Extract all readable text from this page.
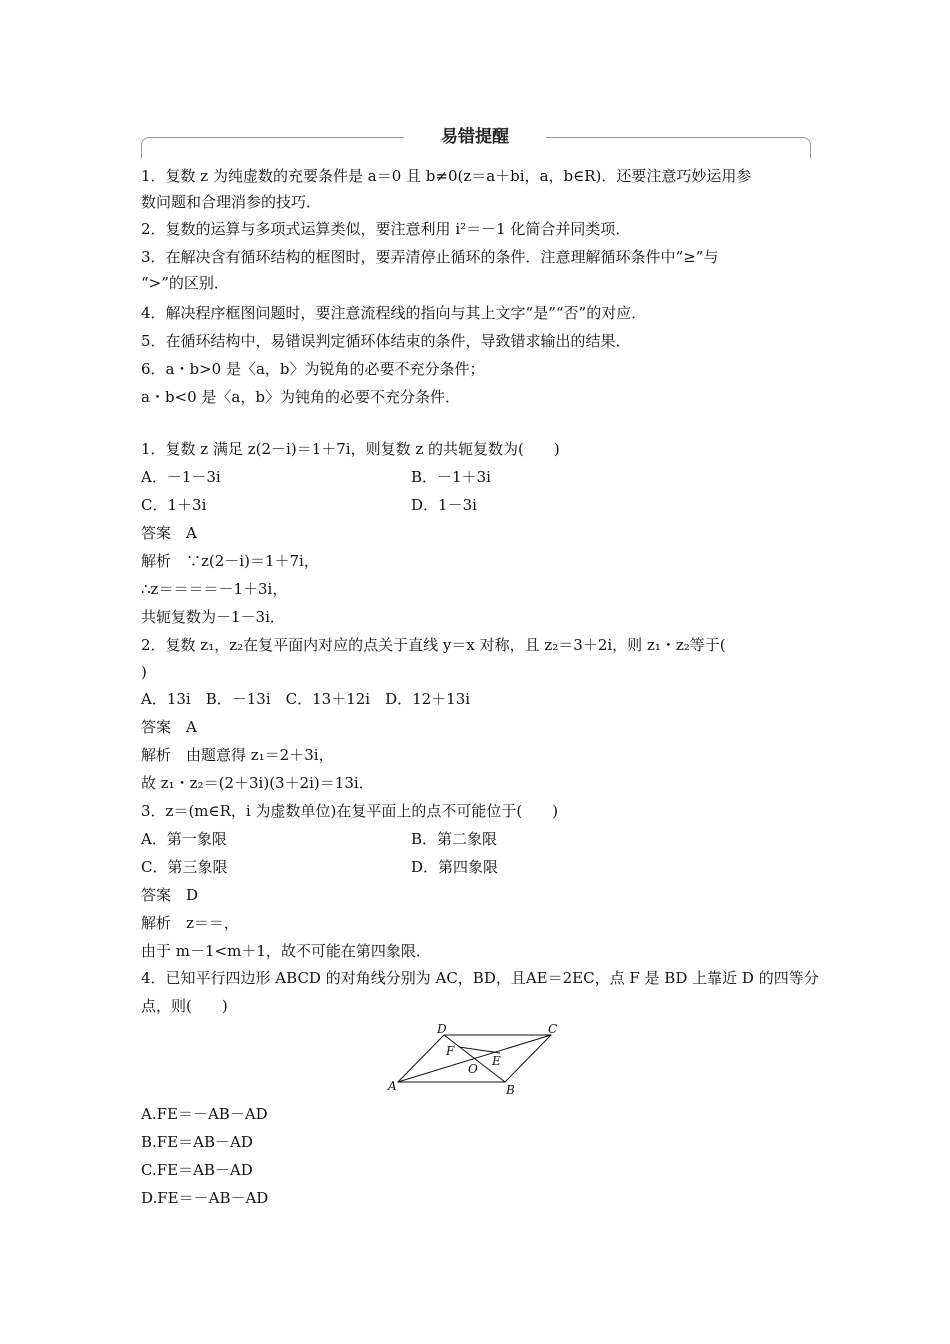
易错提醒
1．复数 z 为纯虚数的充要条件是 a＝0 且 b≠0(z＝a＋bi，a，b∈R)．还要注意巧妙运用参
数问题和合理消参的技巧．
2．复数的运算与多项式运算类似，要注意利用 i²＝－1 化简合并同类项．
3．在解决含有循环结构的框图时，要弄清停止循环的条件．注意理解循环条件中“≥”与
“>”的区别．
4．解决程序框图问题时，要注意流程线的指向与其上文字“是”“否”的对应．
5．在循环结构中，易错误判定循环体结束的条件，导致错求输出的结果．
6．a・b>0 是〈a，b〉为锐角的必要不充分条件；
a・b<0 是〈a，b〉为钝角的必要不充分条件．
1．复数 z 满足 z(2－i)＝1＋7i，则复数 z 的共轭复数为(　　)
A．－1－3i	B．－1＋3i
C．1＋3i	D．1－3i
答案　A
解析　∵z(2－i)＝1＋7i，
∴z＝＝＝＝－1＋3i，
共轭复数为－1－3i．
2．复数 z₁，z₂在复平面内对应的点关于直线 y＝x 对称，且 z₂＝3＋2i，则 z₁・z₂等于(
)
A．13i　B．－13i　C．13＋12i　D．12＋13i
答案　A
解析　由题意得 z₁＝2＋3i，
故 z₁・z₂＝(2＋3i)(3＋2i)＝13i．
3．z＝(m∈R，i 为虚数单位)在复平面上的点不可能位于(　　)
A．第一象限	B．第二象限
C．第三象限	D．第四象限
答案　D
解析　z＝＝，
由于 m－1<m＋1，故不可能在第四象限．
4．已知平行四边形 ABCD 的对角线分别为 AC，BD，且AE＝2EC，点 F 是 BD 上靠近 D 的四等分
点，则(　　)
A	B
C
D
E
F
O
A.FE＝－AB－AD
B.FE＝AB－AD
C.FE＝AB－AD
D.FE＝－AB－AD
